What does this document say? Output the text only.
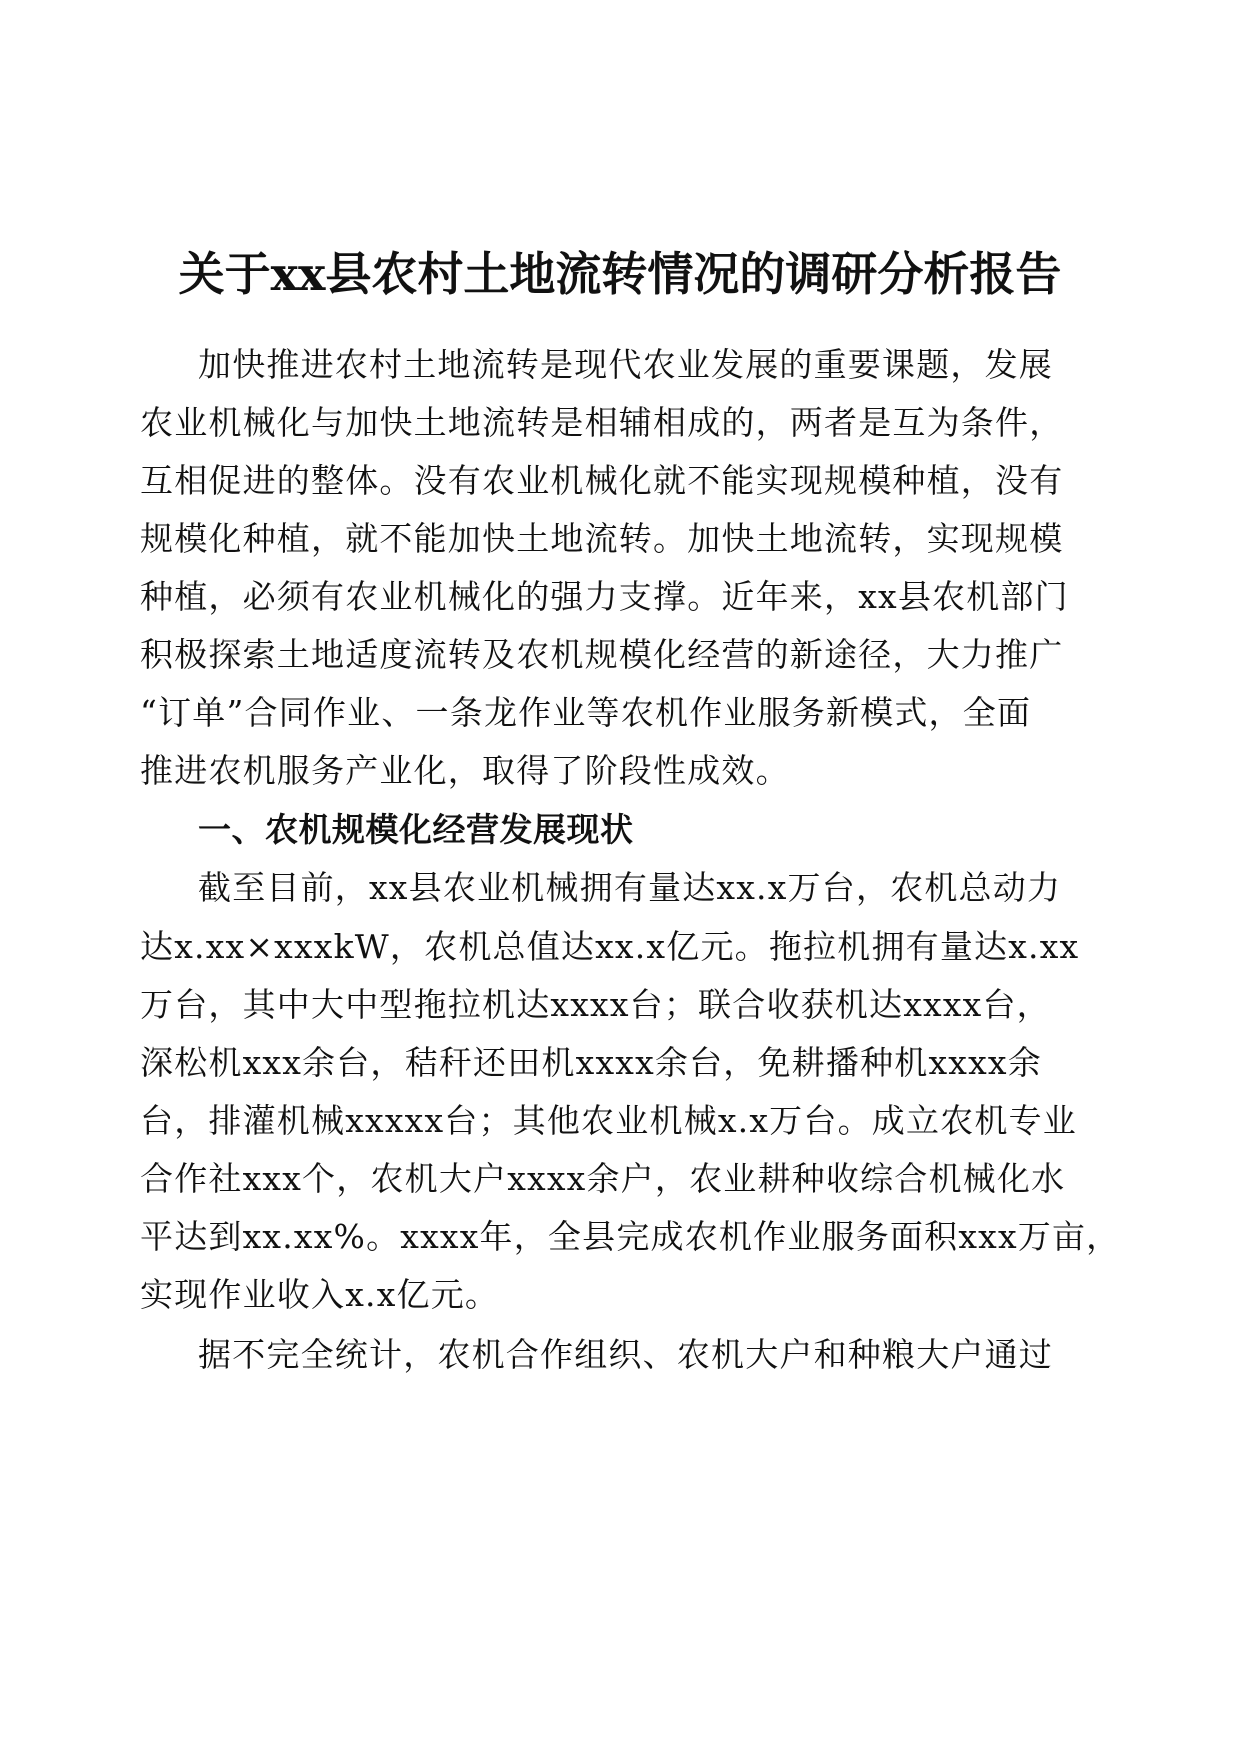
关于xx县农村土地流转情况的调研分析报告

加快推进农村土地流转是现代农业发展的重要课题，发展

农业机械化与加快土地流转是相辅相成的，两者是互为条件，

互相促进的整体。没有农业机械化就不能实现规模种植，没有

规模化种植，就不能加快土地流转。加快土地流转，实现规模

种植，必须有农业机械化的强力支撑。近年来，xx县农机部门

积极探索土地适度流转及农机规模化经营的新途径，大力推广

“订单”合同作业、一条龙作业等农机作业服务新模式，全面

推进农机服务产业化，取得了阶段性成效。

一、农机规模化经营发展现状

截至目前，xx县农业机械拥有量达xx.x万台，农机总动力

达x.xx×xxxkW，农机总值达xx.x亿元。拖拉机拥有量达x.xx

万台，其中大中型拖拉机达xxxx台；联合收获机达xxxx台，

深松机xxx余台，秸秆还田机xxxx余台，免耕播种机xxxx余

台，排灌机械xxxxx台；其他农业机械x.x万台。成立农机专业

合作社xxx个，农机大户xxxx余户，农业耕种收综合机械化水

平达到xx.xx%。xxxx年，全县完成农机作业服务面积xxx万亩，

实现作业收入x.x亿元。

据不完全统计，农机合作组织、农机大户和种粮大户通过
